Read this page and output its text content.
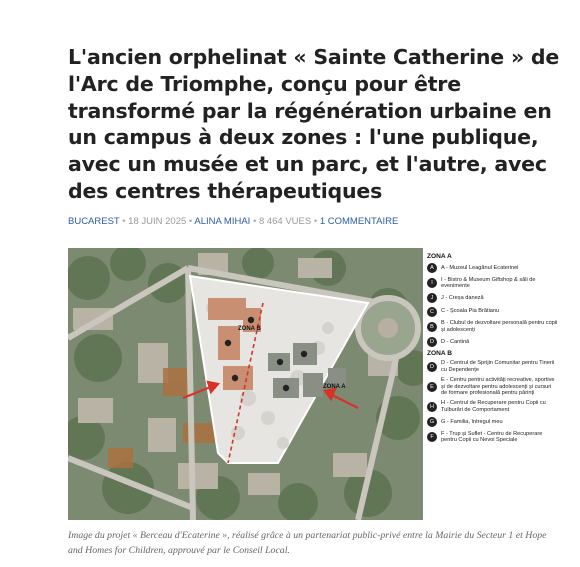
L'ancien orphelinat « Sainte Catherine » de l'Arc de Triomphe, conçu pour être transformé par la régénération urbaine en un campus à deux zones : l'une publique, avec un musée et un parc, et l'autre, avec des centres thérapeutiques
BUCAREST • 18 JUIN 2025 • ALINA MIHAI • 8 464 VUES • 1 COMMENTAIRE
ZONA B
ZONA A
ZONA A
A	A - Muzeul Leagănul Ecaterinei
I
I - Bistro & Museum Giftshop & săli de evenimente
J	J - Creșa daneză
C	C - Școala Pia Brătianu
B
B - Clubul de dezvoltare personală pentru copii și adolescenți
D	D - Cantină
ZONA B
D
D - Centrul de Sprijin Comunitar pentru Tinerii cu Dependențe
E
E - Centru pentru activități recreative, sportive și de dezvoltare pentru adolescenți și cursuri de formare profesională pentru părinți
H
H - Centrul de Recuperare pentru Copii cu Tulburări de Comportament
G	G - Familia, întregul meu
F
F - Trup și Suflet - Centru de Recuperare pentru Copii cu Nevoi Speciale

Image du projet « Berceau d'Ecaterine », réalisé grâce à un partenariat public-privé entre la Mairie du Secteur 1 et Hope and Homes for Children, approuvé par le Conseil Local.
